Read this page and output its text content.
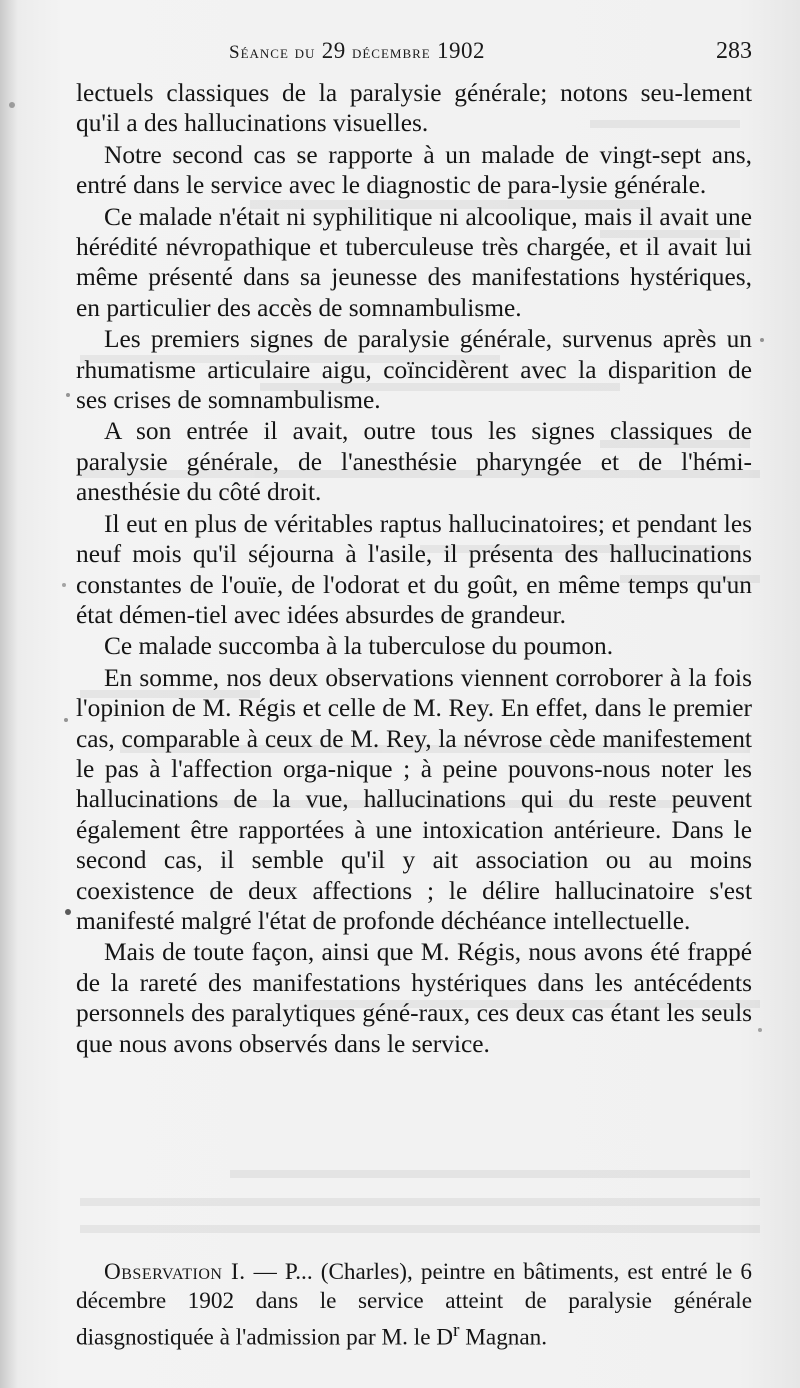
Séance du 29 décembre 1902	283

lectuels classiques de la paralysie générale; notons seu-lement qu'il a des hallucinations visuelles.

Notre second cas se rapporte à un malade de vingt-sept ans, entré dans le service avec le diagnostic de para-lysie générale.

Ce malade n'était ni syphilitique ni alcoolique, mais il avait une hérédité névropathique et tuberculeuse très chargée, et il avait lui même présenté dans sa jeunesse des manifestations hystériques, en particulier des accès de somnambulisme.

Les premiers signes de paralysie générale, survenus après un rhumatisme articulaire aigu, coïncidèrent avec la disparition de ses crises de somnambulisme.

A son entrée il avait, outre tous les signes classiques de paralysie générale, de l'anesthésie pharyngée et de l'hémi-anesthésie du côté droit.

Il eut en plus de véritables raptus hallucinatoires; et pendant les neuf mois qu'il séjourna à l'asile, il présenta des hallucinations constantes de l'ouïe, de l'odorat et du goût, en même temps qu'un état démen-tiel avec idées absurdes de grandeur.

Ce malade succomba à la tuberculose du poumon.

En somme, nos deux observations viennent corroborer à la fois l'opinion de M. Régis et celle de M. Rey. En effet, dans le premier cas, comparable à ceux de M. Rey, la névrose cède manifestement le pas à l'affection orga-nique ; à peine pouvons-nous noter les hallucinations de la vue, hallucinations qui du reste peuvent également être rapportées à une intoxication antérieure. Dans le second cas, il semble qu'il y ait association ou au moins coexistence de deux affections ; le délire hallucinatoire s'est manifesté malgré l'état de profonde déchéance intellectuelle.

Mais de toute façon, ainsi que M. Régis, nous avons été frappé de la rareté des manifestations hystériques dans les antécédents personnels des paralytiques géné-raux, ces deux cas étant les seuls que nous avons observés dans le service.

Observation I. — P... (Charles), peintre en bâtiments, est entré le 6 décembre 1902 dans le service atteint de paralysie générale diasgnostiquée à l'admission par M. le $D^r$ Magnan.
